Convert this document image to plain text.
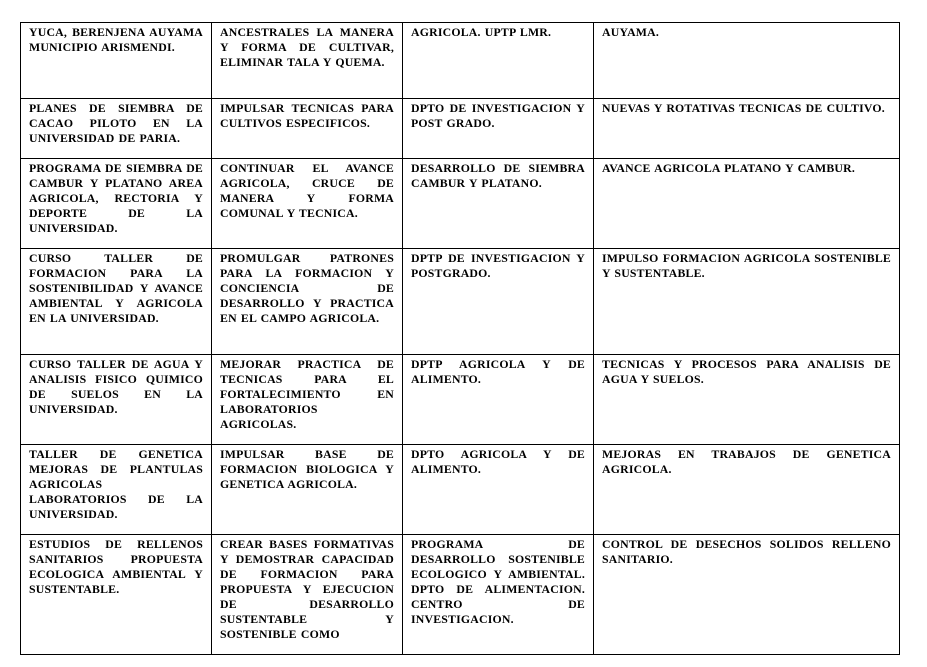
YUCA, BERENJENA AUYAMA MUNICIPIO ARISMENDI.	ANCESTRALES LA MANERA Y FORMA DE CULTIVAR, ELIMINAR TALA Y QUEMA.	AGRICOLA. UPTP LMR.	AUYAMA.
PLANES DE SIEMBRA DE CACAO PILOTO EN LA UNIVERSIDAD DE PARIA.	IMPULSAR TECNICAS PARA CULTIVOS ESPECIFICOS.	DPTO DE INVESTIGACION Y POST GRADO.	NUEVAS Y ROTATIVAS TECNICAS DE CULTIVO.
PROGRAMA DE SIEMBRA DE CAMBUR Y PLATANO AREA AGRICOLA, RECTORIA Y DEPORTE DE LA UNIVERSIDAD.	CONTINUAR EL AVANCE AGRICOLA, CRUCE DE MANERA Y FORMA COMUNAL Y TECNICA.	DESARROLLO DE SIEMBRA CAMBUR Y PLATANO.	AVANCE AGRICOLA PLATANO Y CAMBUR.
CURSO TALLER DE FORMACION PARA LA SOSTENIBILIDAD Y AVANCE AMBIENTAL Y AGRICOLA EN LA UNIVERSIDAD.	PROMULGAR PATRONES PARA LA FORMACION Y CONCIENCIA DE DESARROLLO Y PRACTICA EN EL CAMPO AGRICOLA.	DPTP DE INVESTIGACION Y POSTGRADO.	IMPULSO FORMACION AGRICOLA SOSTENIBLE Y SUSTENTABLE.
CURSO TALLER DE AGUA Y ANALISIS FISICO QUIMICO DE SUELOS EN LA UNIVERSIDAD.	MEJORAR PRACTICA DE TECNICAS PARA EL FORTALECIMIENTO EN LABORATORIOS AGRICOLAS.	DPTP AGRICOLA Y DE ALIMENTO.	TECNICAS Y PROCESOS PARA ANALISIS DE AGUA Y SUELOS.
TALLER DE GENETICA MEJORAS DE PLANTULAS AGRICOLAS LABORATORIOS DE LA UNIVERSIDAD.	IMPULSAR BASE DE FORMACION BIOLOGICA Y GENETICA AGRICOLA.	DPTO AGRICOLA Y DE ALIMENTO.	MEJORAS EN TRABAJOS DE GENETICA AGRICOLA.
ESTUDIOS DE RELLENOS SANITARIOS PROPUESTA ECOLOGICA AMBIENTAL Y SUSTENTABLE.	CREAR BASES FORMATIVAS Y DEMOSTRAR CAPACIDAD DE FORMACION PARA PROPUESTA Y EJECUCION DE DESARROLLO SUSTENTABLE Y SOSTENIBLE COMO	PROGRAMA DE DESARROLLO SOSTENIBLE ECOLOGICO Y AMBIENTAL. DPTO DE ALIMENTACION. CENTRO DE INVESTIGACION.	CONTROL DE DESECHOS SOLIDOS RELLENO SANITARIO.
